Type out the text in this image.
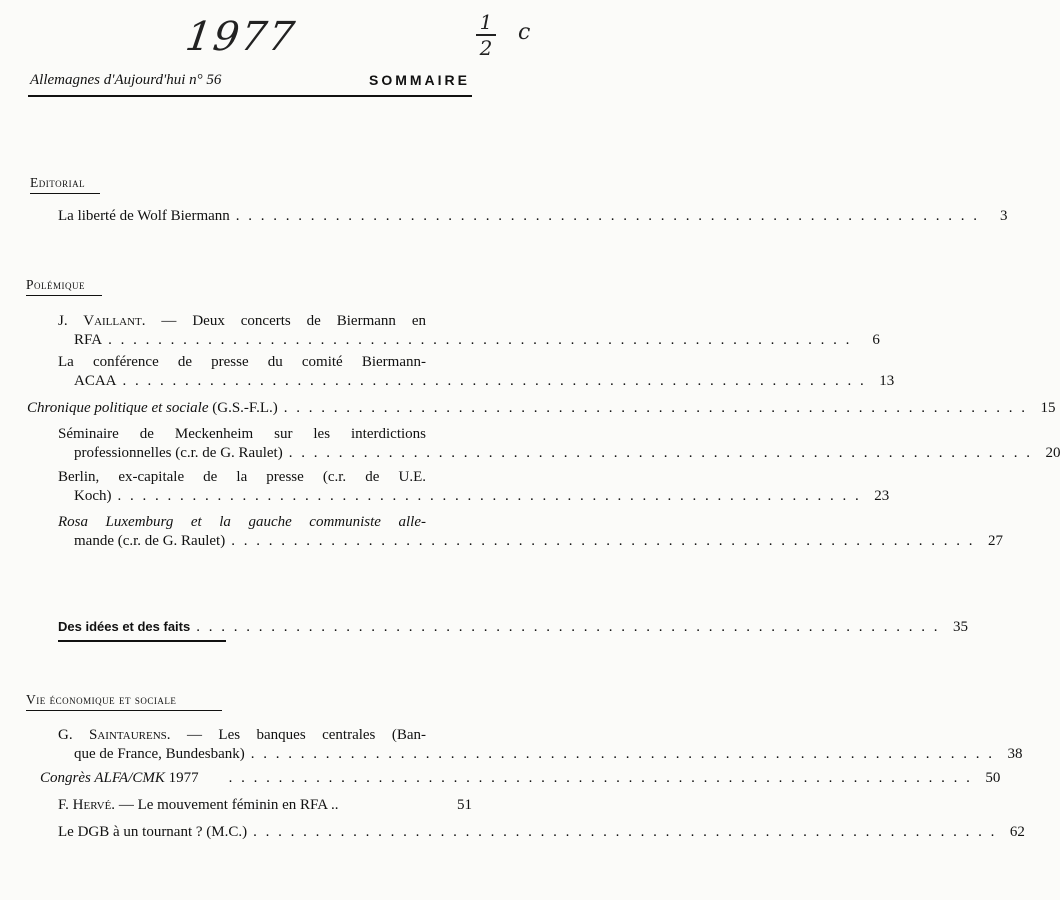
1977	1
2
c
Allemagnes d'Aujourd'hui n° 56	SOMMAIRE
Editorial
La liberté de Wolf Biermann . . . . . . . . . . . . . . . . . . . . . . . . . . . . . . . . . . . . . . . . . . . . . . . . . . . . . . . . . . . .	3
Polémique
J. Vaillant. — Deux concerts de Biermann en
RFA . . . . . . . . . . . . . . . . . . . . . . . . . . . . . . . . . . . . . . . . . . . . . . . . . . . . . . . . . . . .	6
La conférence de presse du comité Biermann-
ACAA . . . . . . . . . . . . . . . . . . . . . . . . . . . . . . . . . . . . . . . . . . . . . . . . . . . . . . . . . . . . 13
Chronique politique et sociale (G.S.-F.L.) . . . . . . . . . . . . . . . . . . . . . . . . . . . . . . . . . . . . . . . . . . . . . . . . . . . . . . . . . . . . 15
Séminaire de Meckenheim sur les interdictions
professionnelles (c.r. de G. Raulet) . . . . . . . . . . . . . . . . . . . . . . . . . . . . . . . . . . . . . . . . . . . . . . . . . . . . . . . . . . . . 20
Berlin, ex-capitale de la presse (c.r. de U.E.
Koch) . . . . . . . . . . . . . . . . . . . . . . . . . . . . . . . . . . . . . . . . . . . . . . . . . . . . . . . . . . . . 23
Rosa Luxemburg et la gauche communiste alle-
mande (c.r. de G. Raulet) . . . . . . . . . . . . . . . . . . . . . . . . . . . . . . . . . . . . . . . . . . . . . . . . . . . . . . . . . . . . 27
Des idées et des faits . . . . . . . . . . . . . . . . . . . . . . . . . . . . . . . . . . . . . . . . . . . . . . . . . . . . . . . . . . . . 35
Vie économique et sociale
G. Saintaurens. — Les banques centrales (Ban-
que de France, Bundesbank) . . . . . . . . . . . . . . . . . . . . . . . . . . . . . . . . . . . . . . . . . . . . . . . . . . . . . . . . . . . . 38
Congrès ALFA/CMK 1977 . . . . . . . . . . . . . . . . . . . . . . . . . . . . . . . . . . . . . . . . . . . . . . . . . . . . . . . . . . . . 50
F. Hervé. — Le mouvement féminin en RFA ..	51
Le DGB à un tournant ? (M.C.) . . . . . . . . . . . . . . . . . . . . . . . . . . . . . . . . . . . . . . . . . . . . . . . . . . . . . . . . . . . . 62
